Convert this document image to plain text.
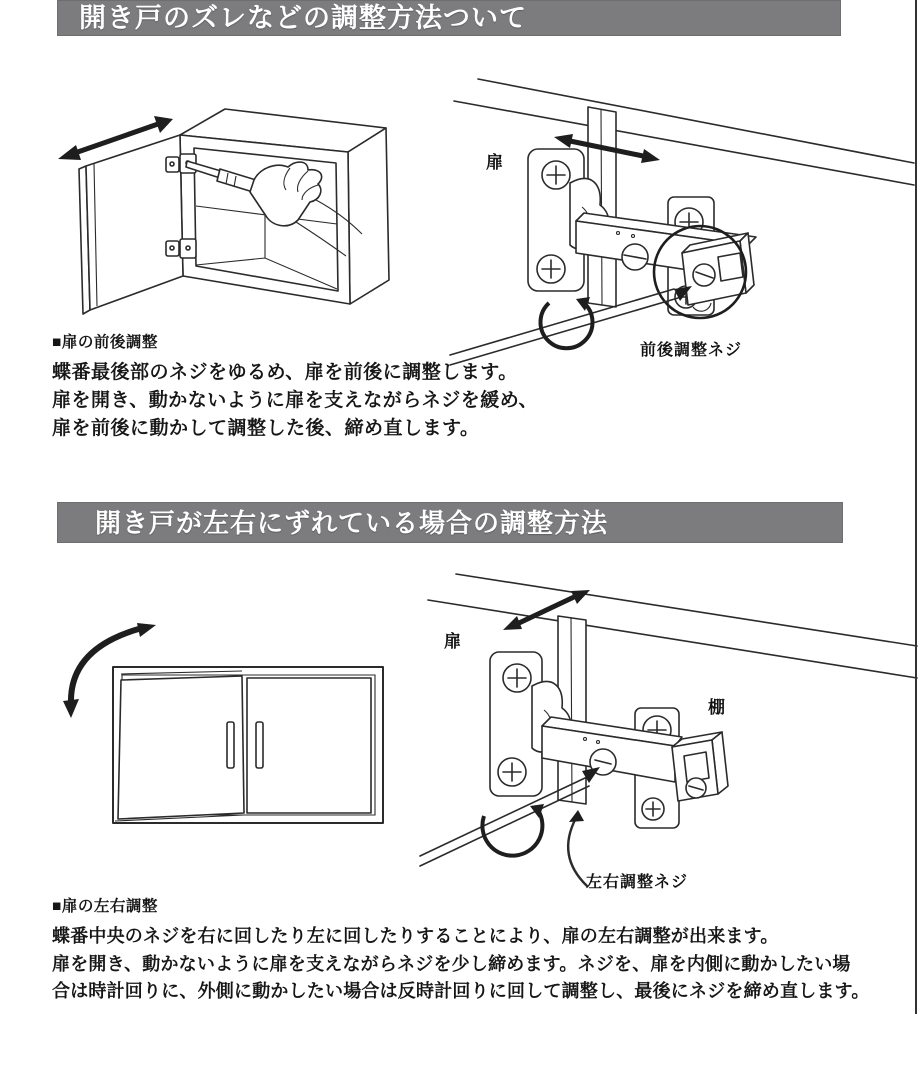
開き戸のズレなどの調整方法ついて
扉
前後調整ネジ
■扉の前後調整
蝶番最後部のネジをゆるめ、扉を前後に調整します。
扉を開き、動かないように扉を支えながらネジを緩め、
扉を前後に動かして調整した後、締め直します。
開き戸が左右にずれている場合の調整方法
扉
棚
左右調整ネジ
■扉の左右調整
蝶番中央のネジを右に回したり左に回したりすることにより、扉の左右調整が出来ます。
扉を開き、動かないように扉を支えながらネジを少し締めます。ネジを、扉を内側に動かしたい場
合は時計回りに、外側に動かしたい場合は反時計回りに回して調整し、最後にネジを締め直します。
